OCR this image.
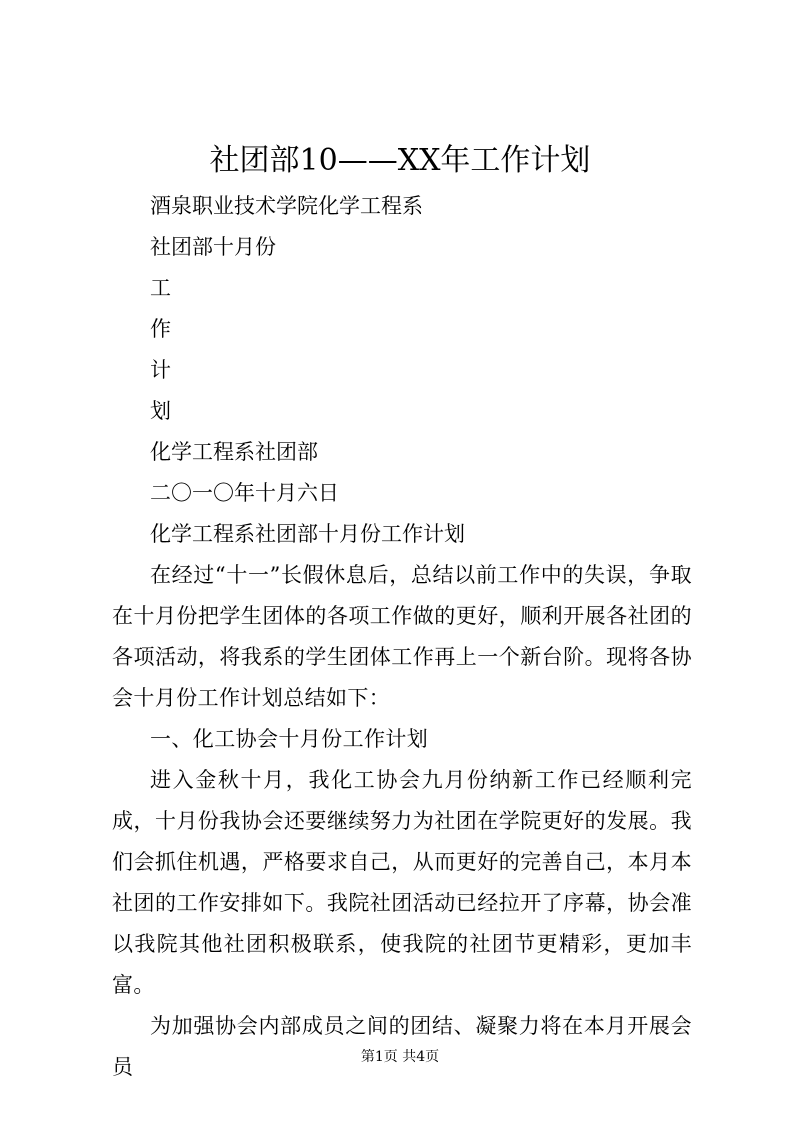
社团部10——XX年工作计划

酒泉职业技术学院化学工程系

社团部十月份

工

作

计

划

化学工程系社团部

二〇一〇年十月六日

化学工程系社团部十月份工作计划

在经过“十一”长假休息后，总结以前工作中的失误，争取在十月份把学生团体的各项工作做的更好，顺利开展各社团的各项活动，将我系的学生团体工作再上一个新台阶。现将各协会十月份工作计划总结如下：

一、化工协会十月份工作计划

进入金秋十月，我化工协会九月份纳新工作已经顺利完成，十月份我协会还要继续努力为社团在学院更好的发展。我们会抓住机遇，严格要求自己，从而更好的完善自己，本月本社团的工作安排如下。我院社团活动已经拉开了序幕，协会准以我院其他社团积极联系，使我院的社团节更精彩，更加丰富。

为加强协会内部成员之间的团结、凝聚力将在本月开展会员	第1页 共4页
